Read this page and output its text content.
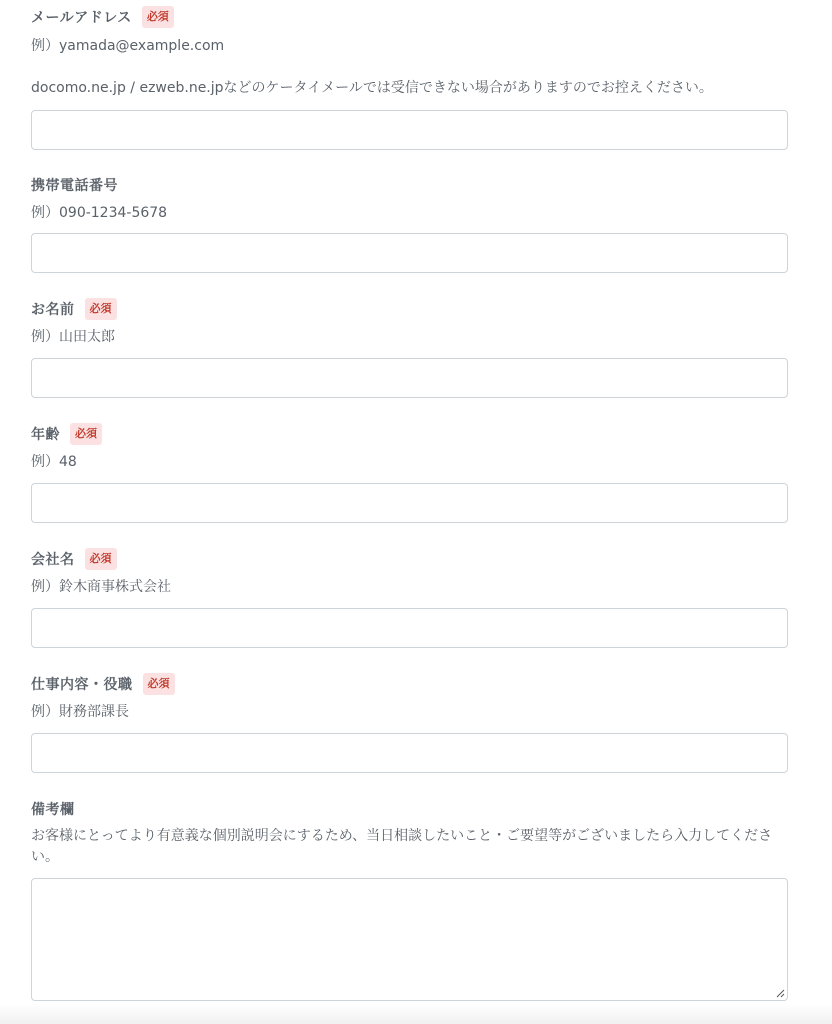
メールアドレス	必須
例）yamada@example.com
docomo.ne.jp / ezweb.ne.jpなどのケータイメールでは受信できない場合がありますのでお控えください。
携帯電話番号
例）090-1234-5678
お名前	必須
例）山田太郎
年齢	必須
例）48
会社名	必須
例）鈴木商事株式会社
仕事内容・役職	必須
例）財務部課長
備考欄
お客様にとってより有意義な個別説明会にするため、当日相談したいこと・ご要望等がございましたら入力してください。
